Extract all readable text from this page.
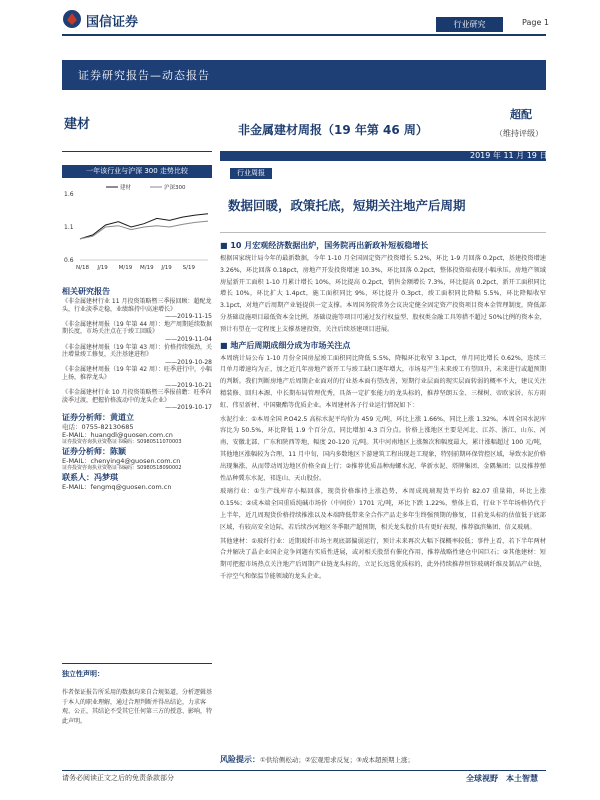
国信证券	行业研究	Page 1
证券研究报告—动态报告
建材	非金属建材周报（19 年第 46 周）
超配
（维持评级）
2019 年 11 月 19 日
一年该行业与沪深 300 走势比较
建材	沪深300
1.6
1.1
0.6
N/18 J/19 M/19 M/19 J/19 S/19
行业周报
数据回暖，政策托底，短期关注地产后周期
相关研究报告
《非金属建材行业 11 月投资策略暨三季报回顾：超配龙头，行业淡季走稳，业绩维持中高速增长》
——2019-11-15
《非金属建材周报（19 年第 44 周）：地产周期延续数据期长度，市场关注点在于竣工回暖》
——2019-11-04
《非金属建材周报（19 年第 43 周）：价格持续强劲，关注增量竣工修复，关注基建进程》
——2019-10-28
《非金属建材周报（19 年第 42 周）：旺季进行中，小幅上扬，推荐龙头》
——2019-10-21
《非金属建材行业 10 月投资策略暨三季报前瞻：旺季向淡季过渡，把握价格波动中的龙头企业》
——2019-10-17
证券分析师：黄道立
电话：0755-82130685
E-MAIL：huangdl@guosen.com.cn
证券投资咨询执业资格证书编码：S0980511070003
证券分析师：陈颖
E-MAIL：chenying4@guosen.com.cn
证券投资咨询执业资格证书编码：S0980518090002
联系人：冯梦琪
E-MAIL：fengmq@guosen.com.cn
独立性声明：
作者保证报告所采用的数据均来自合规渠道，分析逻辑基于本人的职业理解，通过合理判断并得出结论，力求客观、公正，其结论不受其它任何第三方的授意、影响，特此声明。
■ 10 月宏观经济数据出炉，国务院再出新政补短板稳增长
根据国家统计局今年的最新数据，今年 1-10 月全国固定资产投资增长 5.2%，环比 1-9 月回落 0.2pct，基建投资增速 3.26%，环比回落 0.18pct，房地产开发投资增速 10.3%，环比回落 0.2pct，整体投资端表现小幅承压。房地产领域房屋新开工面积 1-10 月累计增长 10%，环比提高 0.2pct，销售金额增长 7.3%，环比提高 0.2pct，新开工面积同比增长 10%，环比扩大 1.4pct，施工面积同比 9%，环比提升 0.3pct，竣工面积同比降幅 5.5%，环比降幅收窄 3.1pct，对地产后周期产业链提供一定支撑。本周国务院常务会议决定健全固定资产投资项目资本金管理制度，降低部分基础设施项目最低资本金比例，基础设施等项目可通过发行权益型、股权类金融工具筹措不超过 50%比例的资本金，预计有望在一定程度上支撑基建投资，关注后续基建项目进展。
■ 地产后周期成细分成为市场关注点
本周统计局公布 1-10 月份全国房屋竣工面积同比降低 5.5%，降幅环比收窄 3.1pct，单月同比增长 0.62%，连续三月单月增速均为正，加之近几年房地产新开工与竣工缺口逐年增大，市场易产生未来竣工有望回升，未来进行或超预期的判断。我们判断房地产后周期企业面对的行业基本面有望改善，短期行业层面的现实层面转弱的概率不大，建议关注精装修、回归本源、中长期布局管理优秀，具备一定扩张能力的龙头标的，推荐坚朗五金、三棵树、帝欧家居、东方雨虹、伟星新材、中国聚酯等优质企业。本周建材各子行业运行情况如下：
水泥行业：①本周全国 P.O42.5 高标水泥平均价为 459 元/吨，环比上涨 1.66%，同比上涨 1.32%。本周全国水泥库容比为 50.5%，环比降低 1.9 个百分点，同比增加 4.3 百分点。价格上涨地区主要是河北、江苏、浙江、山东、河南、安徽北部、广东和陕西等地，幅度 20-120 元/吨。其中河南地区上涨频次和幅度最大，累计涨幅超过 100 元/吨，其他地区涨幅较为合理，11 月中旬，国内多数地区下游建筑工程出现赶工现象，特别前期环保管控区域，导致水泥价格出现集涨，从而带动周边地区价格全面上行；②推荐优质品种海螺水泥、华新水泥、塔牌集团、金隅集团；以及推荐弹性品种冀东水泥、祁连山、天山股份。
玻璃行业：①生产线库存小幅回落，现货价格维持上涨趋势，本周成琉璃现货平均价 82.07 重量箱，环比上涨 0.15%；②成本端全国重质纯碱市场价（中间价）1701 元/吨，环比下跌 1.22%，整体上看，行业下半年场格仍代于上半年，近几周现货价格持续推涨以及本端降低带来全合作产品走多年生终强预期的修复，目前龙头标的估值低于底部区域，有较高安全边际，若后续沙河地区冬季限产超预期，相关龙头股价具有更好表现，推荐旗滨集团、信义玻璃。
其他建材：①玻纤行业：近期玻纤市场主观底部偏弱运行，预计未来再次大幅下探概率较低；事件上看，若下半年两材合并解决了晶企业国企竞争问题有实质性进展，或对相关股票有催化作用，推荐战略性建仓中国巨石；②其他建材：短期可把握市场热点关注地产后周期产业链龙头标的，立足长远选优质标的，此外持续推荐恒锌玻璃纤维及制品产业链，千淳空气和保温节能领域的龙头企业。
风险提示：①供给侧松动；②宏观需求反复；③成本超预期上涨；
请务必阅读正文之后的免责条款部分	全球视野　本土智慧
